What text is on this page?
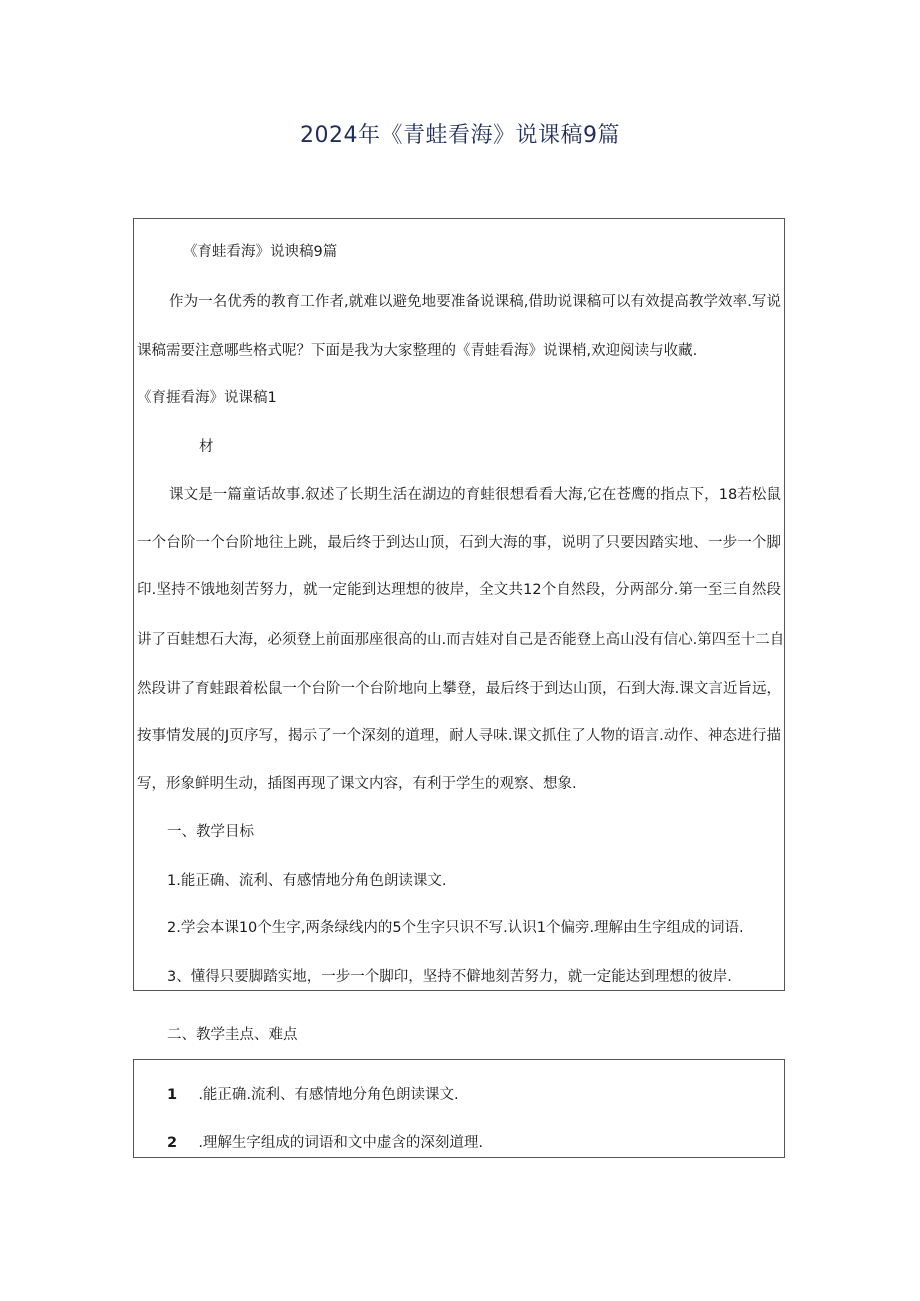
2024年《青蛙看海》说课稿9篇

《育蛙看海》说谀稿9篇

作为一名优秀的教育工作者,就难以避免地要准备说课稿,借助说课稿可以有效提高教学效率.写说

课稿需要注意哪些格式呢？下面是我为大家整理的《青蛙看海》说课梢,欢迎阅读与收藏.

《育捱看海》说课稿1

材

课文是一篇童话故事.叙述了长期生活在湖边的育蛙很想看看大海,它在苍鹰的指点下，18若松鼠

一个台阶一个台阶地往上跳，最后终于到达山顶，石到大海的事，说明了只要因踏实地、一步一个脚

印.坚持不饿地刻苦努力，就一定能到达理想的彼岸，全文共12个自然段，分两部分.第一至三自然段

讲了百蛙想石大海，必须登上前面那座很高的山.而吉娃对自己是否能登上高山没有信心.第四至十二自

然段讲了育蛙跟着松鼠一个台阶一个台阶地向上攀登，最后终于到达山顶，石到大海.课文言近旨远，

按事情发展的J页序写，揭示了一个深刻的道理，耐人寻味.课文抓住了人物的语言.动作、神态进行描

写，形象鲜明生动，插图再现了课文内容，有利于学生的观察、想象.

一、教学目标

1.能正确、流利、有感情地分角色朗读课文.

2.学会本课10个生字,两条绿线内的5个生字只识不写.认识1个偏旁.理解由生字组成的词语.

3、懂得只要脚踏实地，一步一个脚印，坚持不僻地刻苦努力，就一定能达到理想的彼岸.

二、教学圭点、难点

1 .能正确.流利、有感情地分角色朗读课文.

2 .理解生字组成的词语和文中虚含的深刻道理.
